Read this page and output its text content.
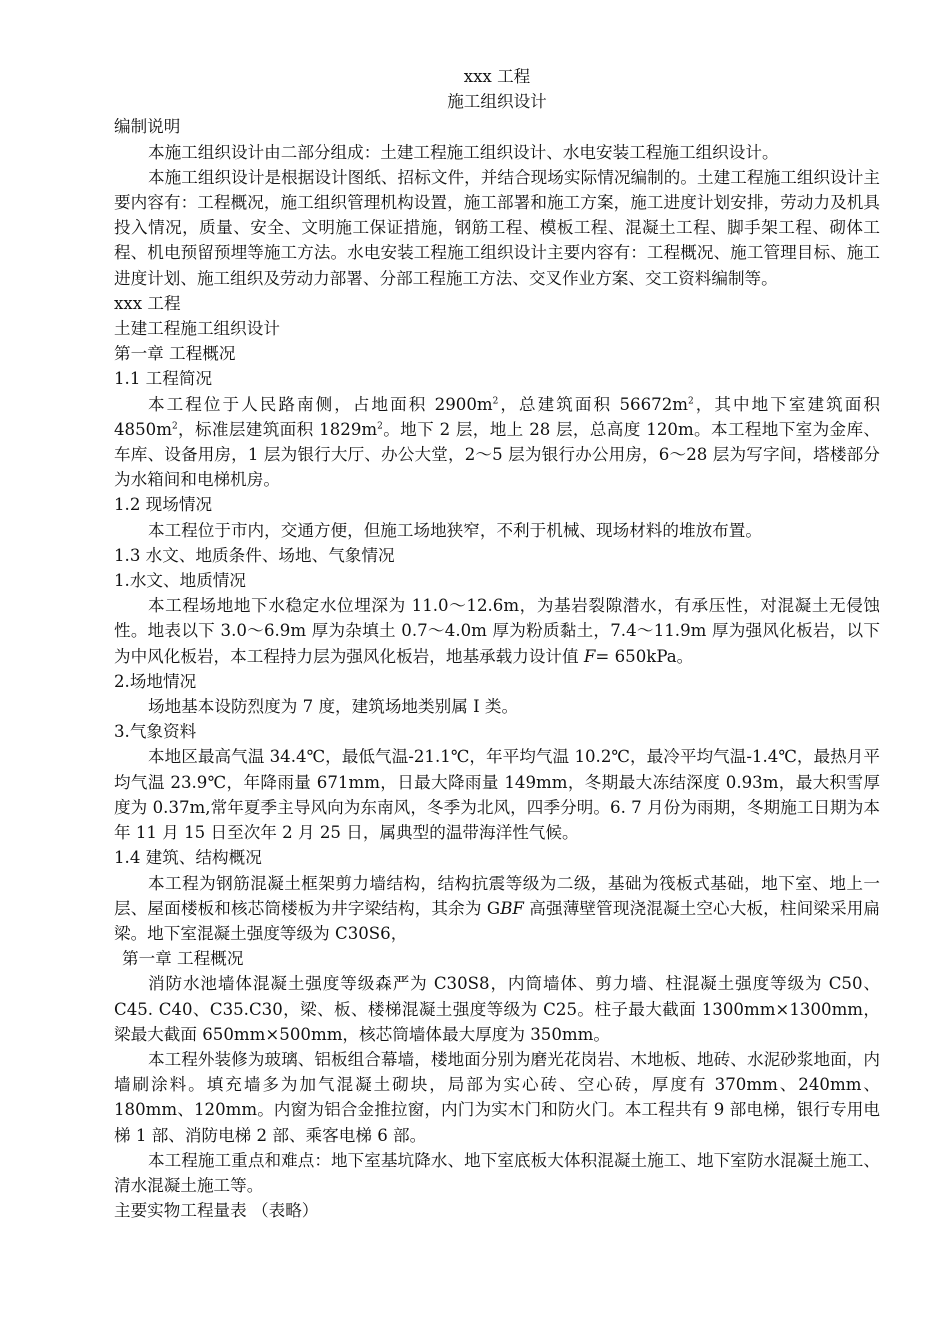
xxx 工程
施工组织设计
编制说明

本施工组织设计由二部分组成：土建工程施工组织设计、水电安装工程施工组织设计。

本施工组织设计是根据设计图纸、招标文件，并结合现场实际情况编制的。土建工程施工组织设计主要内容有：工程概况，施工组织管理机构设置，施工部署和施工方案，施工进度计划安排，劳动力及机具投入情况，质量、安全、文明施工保证措施，钢筋工程、模板工程、混凝土工程、脚手架工程、砌体工程、机电预留预埋等施工方法。水电安装工程施工组织设计主要内容有：工程概况、施工管理目标、施工进度计划、施工组织及劳动力部署、分部工程施工方法、交叉作业方案、交工资料编制等。

xxx 工程
土建工程施工组织设计
第一章 工程概况
1.1 工程简况

本工程位于人民路南侧，占地面积 $2900m^2$，总建筑面积 $56672m^2$，其中地下室建筑面积 $4850m^2$，标准层建筑面积 $1829m^2$。地下 2 层，地上 28 层，总高度 120m。本工程地下室为金库、车库、设备用房，1 层为银行大厅、办公大堂，2～5 层为银行办公用房，6～28 层为写字间，塔楼部分为水箱间和电梯机房。

1.2 现场情况

本工程位于市内，交通方便，但施工场地狭窄，不利于机械、现场材料的堆放布置。

1.3 水文、地质条件、场地、气象情况
1.水文、地质情况

本工程场地地下水稳定水位埋深为 11.0～12.6m，为基岩裂隙潜水，有承压性，对混凝土无侵蚀性。地表以下 3.0～6.9m 厚为杂填土 0.7～4.0m 厚为粉质黏土，7.4～11.9m 厚为强风化板岩，以下为中风化板岩，本工程持力层为强风化板岩，地基承载力设计值 F= 650kPa。

2.场地情况

场地基本设防烈度为 7 度，建筑场地类别属 I 类。

3.气象资料

本地区最高气温 34.4℃，最低气温-21.1℃，年平均气温 10.2℃，最冷平均气温-1.4℃，最热月平均气温 23.9℃，年降雨量 671mm，日最大降雨量 149mm，冬期最大冻结深度 0.93m，最大积雪厚度为 0.37m,常年夏季主导风向为东南风，冬季为北风，四季分明。6. 7 月份为雨期，冬期施工日期为本年 11 月 15 日至次年 2 月 25 日，属典型的温带海洋性气候。

1.4 建筑、结构概况

本工程为钢筋混凝土框架剪力墙结构，结构抗震等级为二级，基础为筏板式基础，地下室、地上一层、屋面楼板和核芯筒楼板为井字梁结构，其余为 GBF 高强薄壁管现浇混凝土空心大板，柱间梁采用扁梁。地下室混凝土强度等级为 C30S6，

第一章 工程概况

消防水池墙体混凝土强度等级森严为 C30S8，内筒墙体、剪力墙、柱混凝土强度等级为 C50、C45. C40、C35.C30，梁、板、楼梯混凝土强度等级为 C25。柱子最大截面 1300mm×1300mm，梁最大截面 650mm×500mm，核芯筒墙体最大厚度为 350mm。

本工程外装修为玻璃、铝板组合幕墙，楼地面分别为磨光花岗岩、木地板、地砖、水泥砂浆地面，内墙刷涂料。填充墙多为加气混凝土砌块，局部为实心砖、空心砖，厚度有 370mm、240mm、180mm、120mm。内窗为铝合金推拉窗，内门为实木门和防火门。本工程共有 9 部电梯，银行专用电梯 1 部、消防电梯 2 部、乘客电梯 6 部。

本工程施工重点和难点：地下室基坑降水、地下室底板大体积混凝土施工、地下室防水混凝土施工、清水混凝土施工等。

主要实物工程量表 （表略）
